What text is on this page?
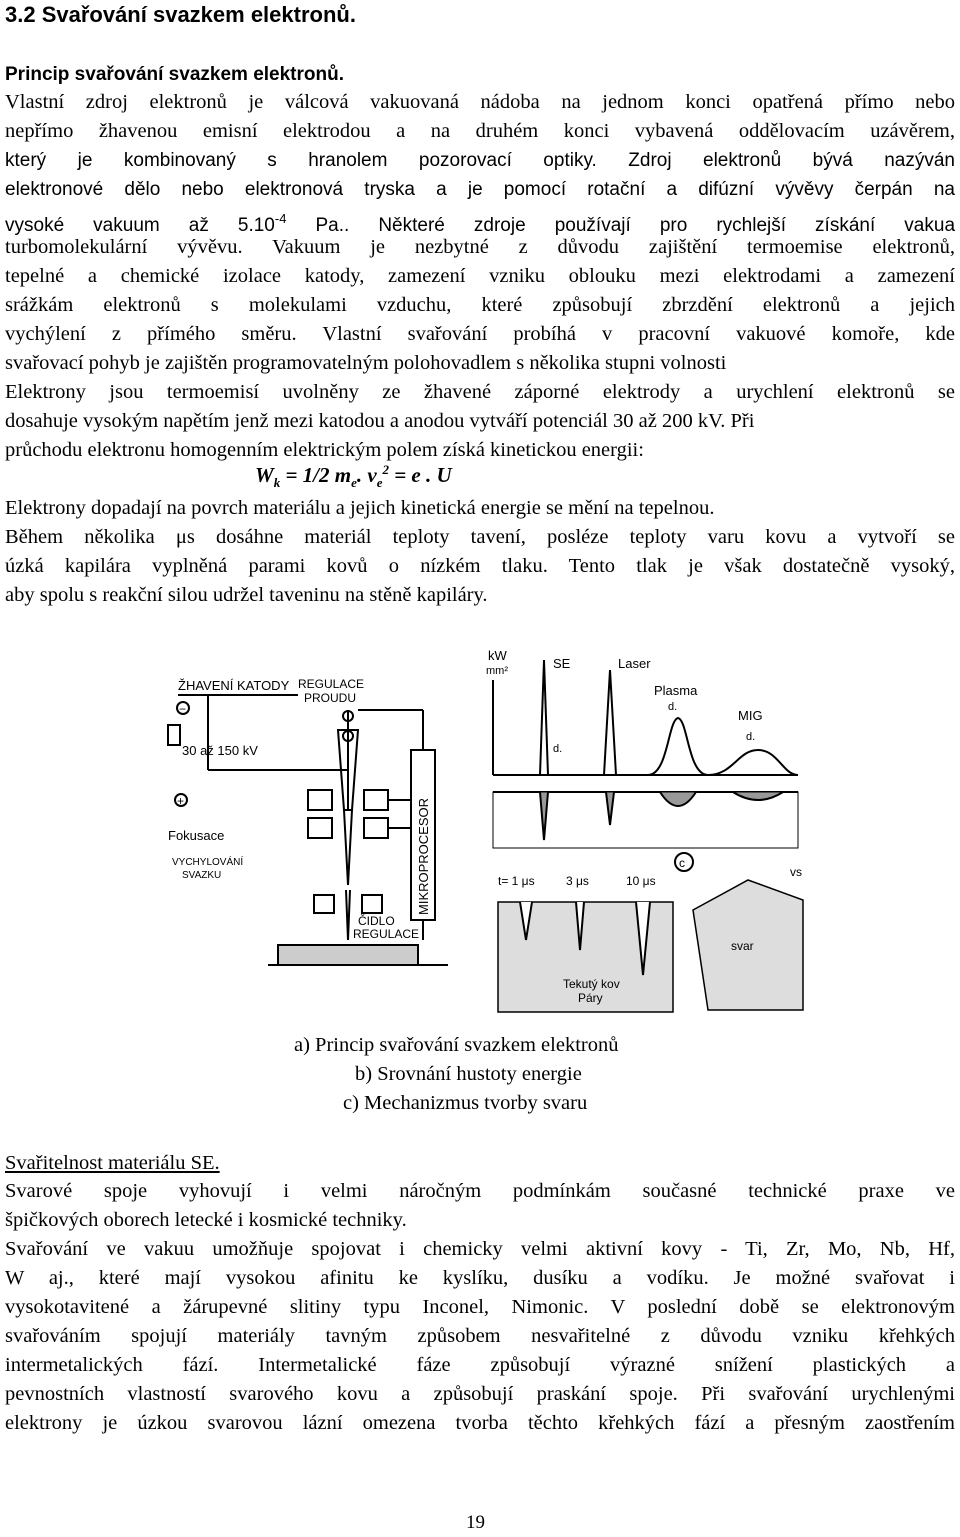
3.2 Svařování svazkem elektronů.
Princip svařování svazkem elektronů.
Vlastní zdroj elektronů je válcová vakuovaná nádoba na jednom konci opatřená přímo nebo
nepřímo žhavenou emisní elektrodou a na druhém konci vybavená oddělovacím uzávěrem,
který je kombinovaný s hranolem pozorovací optiky. Zdroj elektronů bývá nazýván
elektronové dělo nebo elektronová tryska a je pomocí rotační a difúzní vývěvy čerpán na
vysoké vakuum až $5.10^{-4}$ Pa.. Některé zdroje používají pro rychlejší získání vakua
turbomolekulární vývěvu. Vakuum je nezbytné z důvodu zajištění termoemise elektronů,
tepelné a chemické izolace katody, zamezení vzniku oblouku mezi elektrodami a zamezení
srážkám elektronů s molekulami vzduchu, které způsobují zbrzdění elektronů a jejich
vychýlení z přímého směru. Vlastní svařování probíhá v pracovní vakuové komoře, kde
svařovací pohyb je zajištěn programovatelným polohovadlem s několika stupni volnosti
Elektrony jsou termoemisí uvolněny ze žhavené záporné elektrody a urychlení elektronů se
dosahuje vysokým napětím jenž mezi katodou a anodou vytváří potenciál 30 až 200 kV. Při
průchodu elektronu homogenním elektrickým polem získá kinetickou energii:
$W_k = 1/2$ $m_e$. $v_e^2 = e$ . U
Elektrony dopadají na povrch materiálu a jejich kinetická energie se mění na tepelnou.
Během několika μs dosáhne materiál teploty tavení, posléze teploty varu kovu a vytvoří se
úzká kapilára vyplněná parami kovů o nízkém tlaku. Tento tlak je však dostatečně vysoký,
aby spolu s reakční silou udržel taveninu na stěně kapiláry.
ŽHAVENÍ KATODY
−
30 až 150 kV
+
Fokusace
VYCHYLOVÁNÍ
SVAZKU
REGULACE
PROUDU
MIKROPROCESOR
ČIDLO
REGULACE
kW
mm²	SE	Laser
Plasma
d.
MIG
d.
d.
c
t= 1 μs	3 μs	10 μs
Tekutý kov
Páry
vs
svar
a) Princip svařování svazkem elektronů
b) Srovnání hustoty energie
c) Mechanizmus tvorby svaru
Svařitelnost materiálu SE.
Svarové spoje vyhovují i velmi náročným podmínkám současné technické praxe ve
špičkových oborech letecké i kosmické techniky.
Svařování ve vakuu umožňuje spojovat i chemicky velmi aktivní kovy - Ti, Zr, Mo, Nb, Hf,
W aj., které mají vysokou afinitu ke kyslíku, dusíku a vodíku. Je možné svařovat i
vysokotavitené a žárupevné slitiny typu Inconel, Nimonic. V poslední době se elektronovým
svařováním spojují materiály tavným způsobem nesvařitelné z důvodu vzniku křehkých
intermetalických fází. Intermetalické fáze způsobují výrazné snížení plastických a
pevnostních vlastností svarového kovu a způsobují praskání spoje. Při svařování urychlenými
elektrony je úzkou svarovou lázní omezena tvorba těchto křehkých fází a přesným zaostřením
19
